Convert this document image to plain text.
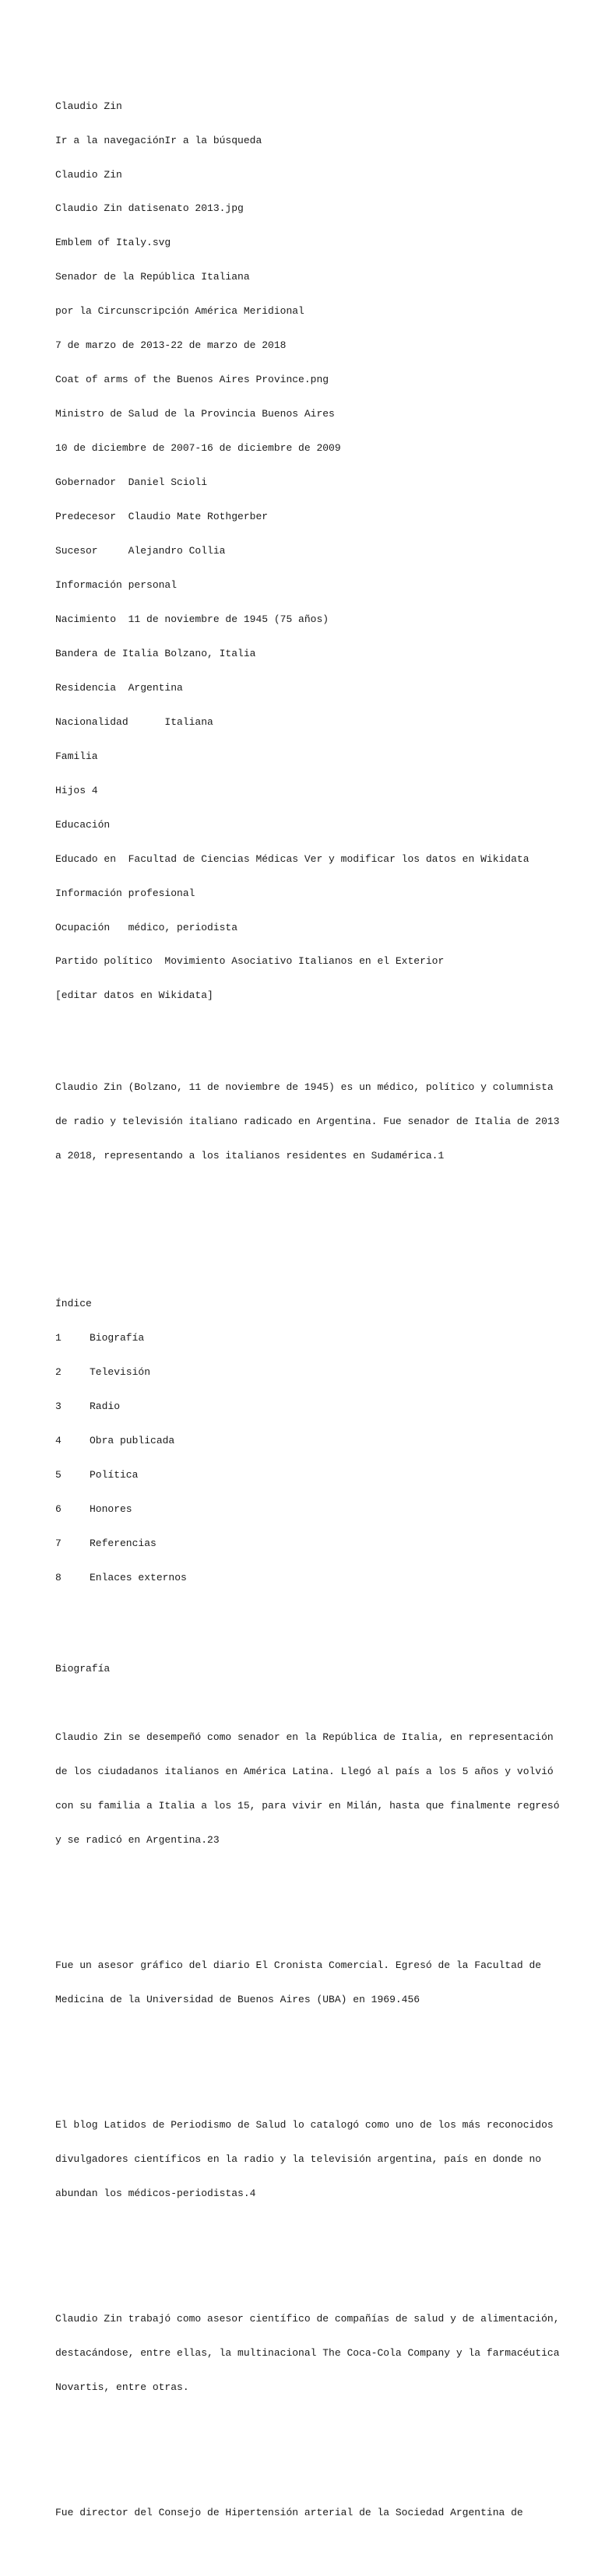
Claudio Zin

Ir a la navegaciónIr a la búsqueda

Claudio Zin

Claudio Zin datisenato 2013.jpg

Emblem of Italy.svg

Senador de la República Italiana

por la Circunscripción América Meridional

7 de marzo de 2013-22 de marzo de 2018

Coat of arms of the Buenos Aires Province.png

Ministro de Salud de la Provincia Buenos Aires

10 de diciembre de 2007-16 de diciembre de 2009

Gobernador  Daniel Scioli

Predecesor  Claudio Mate Rothgerber

Sucesor     Alejandro Collia

Información personal

Nacimiento  11 de noviembre de 1945 (75 años)

Bandera de Italia Bolzano, Italia

Residencia  Argentina

Nacionalidad      Italiana

Familia

Hijos 4

Educación

Educado en  Facultad de Ciencias Médicas Ver y modificar los datos en Wikidata

Información profesional

Ocupación   médico, periodista

Partido político  Movimiento Asociativo Italianos en el Exterior

[editar datos en Wikidata]

Claudio Zin (Bolzano, 11 de noviembre de 1945) es un médico, político y columnista

de radio y televisión italiano radicado en Argentina. Fue senador de Italia de 2013

a 2018, representando a los italianos residentes en Sudamérica.1

Índice

1	Biografía

2	Televisión

3	Radio

4	Obra publicada

5	Política

6	Honores

7	Referencias

8	Enlaces externos

Biografía

Claudio Zin se desempeñó como senador en la República de Italia, en representación

de los ciudadanos italianos en América Latina. Llegó al país a los 5 años y volvió

con su familia a Italia a los 15, para vivir en Milán, hasta que finalmente regresó

y se radicó en Argentina.23

Fue un asesor gráfico del diario El Cronista Comercial. Egresó de la Facultad de

Medicina de la Universidad de Buenos Aires (UBA) en 1969.456

El blog Latidos de Periodismo de Salud lo catalogó como uno de los más reconocidos

divulgadores científicos en la radio y la televisión argentina, país en donde no

abundan los médicos-periodistas.4

Claudio Zin trabajó como asesor científico de compañías de salud y de alimentación,

destacándose, entre ellas, la multinacional The Coca-Cola Company y la farmacéutica

Novartis, entre otras.

Fue director del Consejo de Hipertensión arterial de la Sociedad Argentina de
